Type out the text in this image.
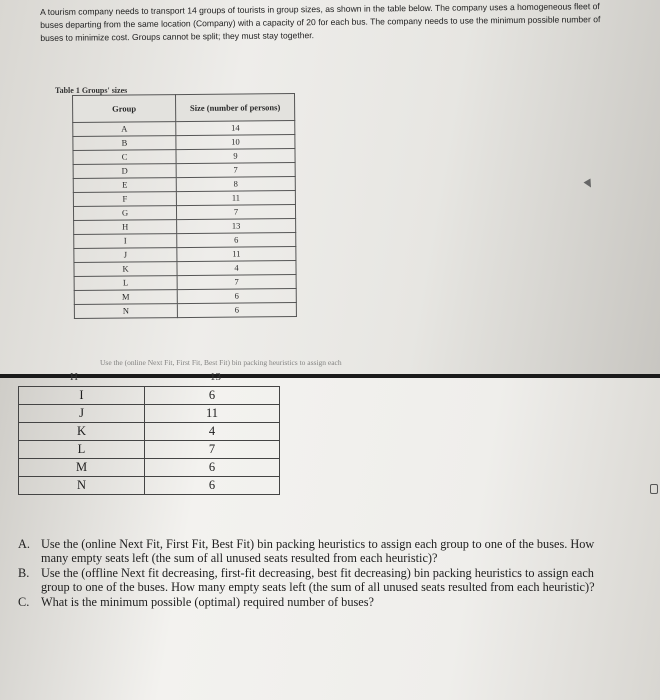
A tourism company needs to transport 14 groups of tourists in group sizes, as shown in the table below. The company uses a homogeneous fleet of buses departing from the same location (Company) with a capacity of 20 for each bus. The company needs to use the minimum possible number of buses to minimize cost. Groups cannot be split; they must stay together.

Table 1 Groups' sizes
Group	Size (number of persons)
A	14
B	10
C	9
D	7
E	8
F	11
G	7
H	13
I	6
J	11
K	4
L	7
M	6
N	6
Use the (online Next Fit, First Fit, Best Fit) bin packing heuristics to assign each
H	13
I	6
J	11
K	4
L	7
M	6
N	6
A. Use the (online Next Fit, First Fit, Best Fit) bin packing heuristics to assign each group to one of the buses. How many empty seats left (the sum of all unused seats resulted from each heuristic)?
B. Use the (offline Next fit decreasing, first-fit decreasing, best fit decreasing) bin packing heuristics to assign each group to one of the buses. How many empty seats left (the sum of all unused seats resulted from each heuristic)?
C. What is the minimum possible (optimal) required number of buses?
